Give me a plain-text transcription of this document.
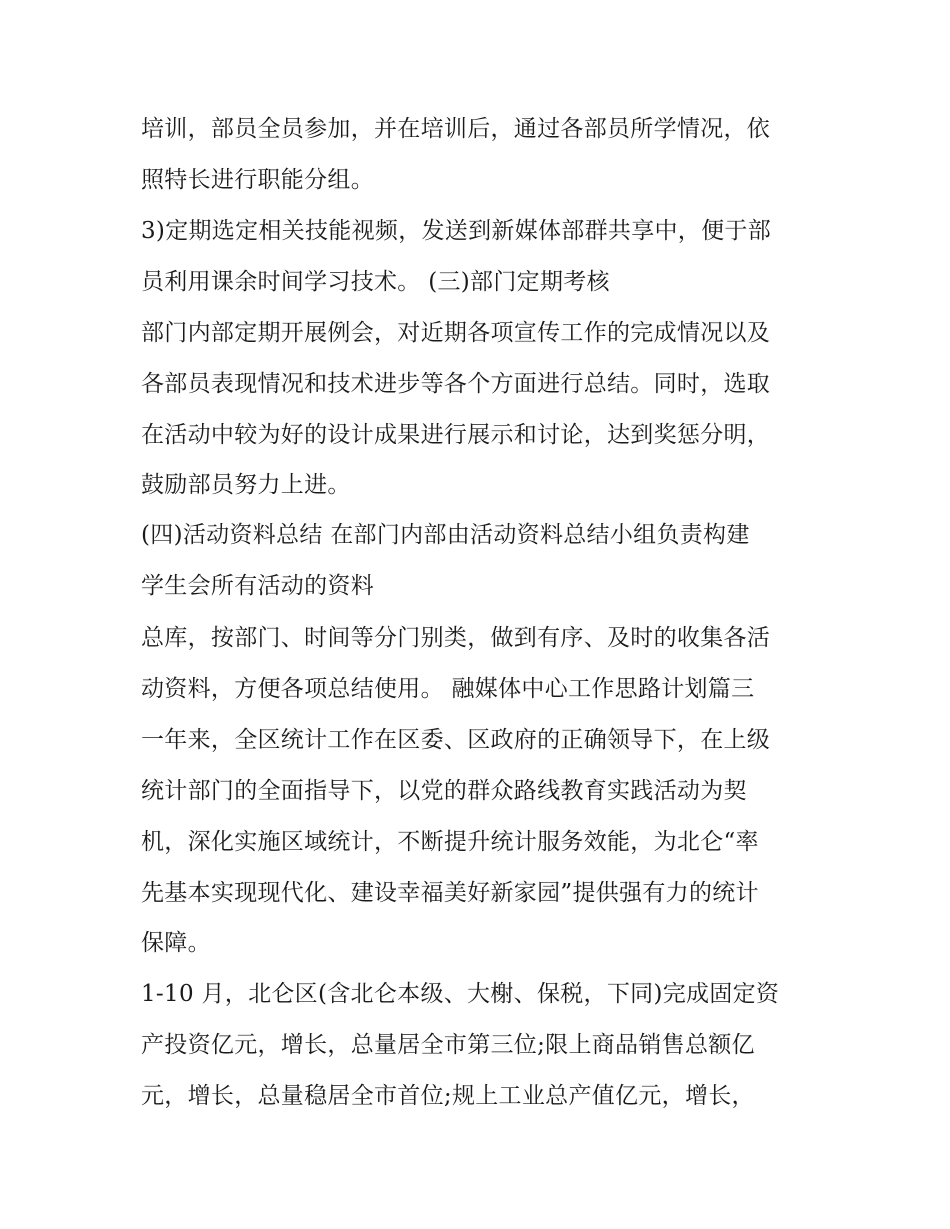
培训，部员全员参加，并在培训后，通过各部员所学情况，依
照特长进行职能分组。
3)定期选定相关技能视频，发送到新媒体部群共享中，便于部
员利用课余时间学习技术。 (三)部门定期考核
部门内部定期开展例会，对近期各项宣传工作的完成情况以及
各部员表现情况和技术进步等各个方面进行总结。同时，选取
在活动中较为好的设计成果进行展示和讨论，达到奖惩分明，
鼓励部员努力上进。
(四)活动资料总结 在部门内部由活动资料总结小组负责构建
学生会所有活动的资料
总库，按部门、时间等分门别类，做到有序、及时的收集各活
动资料，方便各项总结使用。 融媒体中心工作思路计划篇三
一年来，全区统计工作在区委、区政府的正确领导下，在上级
统计部门的全面指导下，以党的群众路线教育实践活动为契
机，深化实施区域统计，不断提升统计服务效能，为北仑“率
先基本实现现代化、建设幸福美好新家园”提供强有力的统计
保障。
1-10 月，北仑区(含北仑本级、大榭、保税，下同)完成固定资
产投资亿元，增长，总量居全市第三位;限上商品销售总额亿
元，增长，总量稳居全市首位;规上工业总产值亿元，增长，
